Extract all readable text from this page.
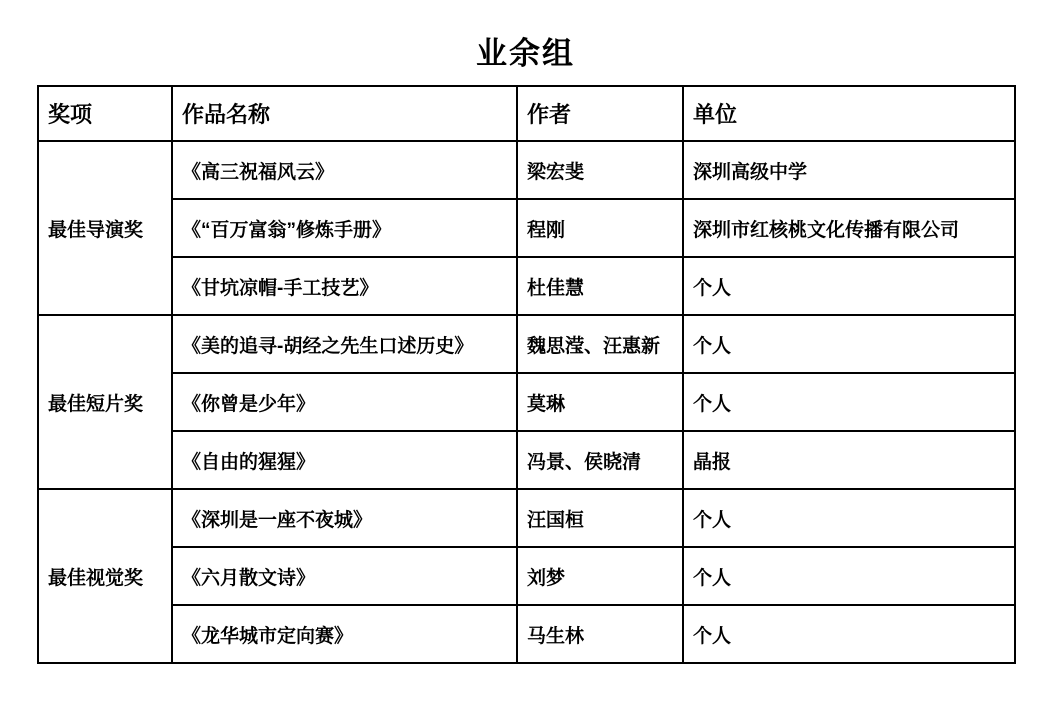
业余组
奖项	作品名称	作者	单位
最佳导演奖	《高三祝福风云》	梁宏斐	深圳高级中学
	《“百万富翁”修炼手册》	程刚	深圳市红核桃文化传播有限公司
	《甘坑凉帽-手工技艺》	杜佳慧	个人
最佳短片奖	《美的追寻-胡经之先生口述历史》	魏思滢、汪惠新	个人
	《你曾是少年》	莫琳	个人
	《自由的猩猩》	冯景、侯晓清	晶报
最佳视觉奖	《深圳是一座不夜城》	汪国桓	个人
	《六月散文诗》	刘梦	个人
	《龙华城市定向赛》	马生林	个人
